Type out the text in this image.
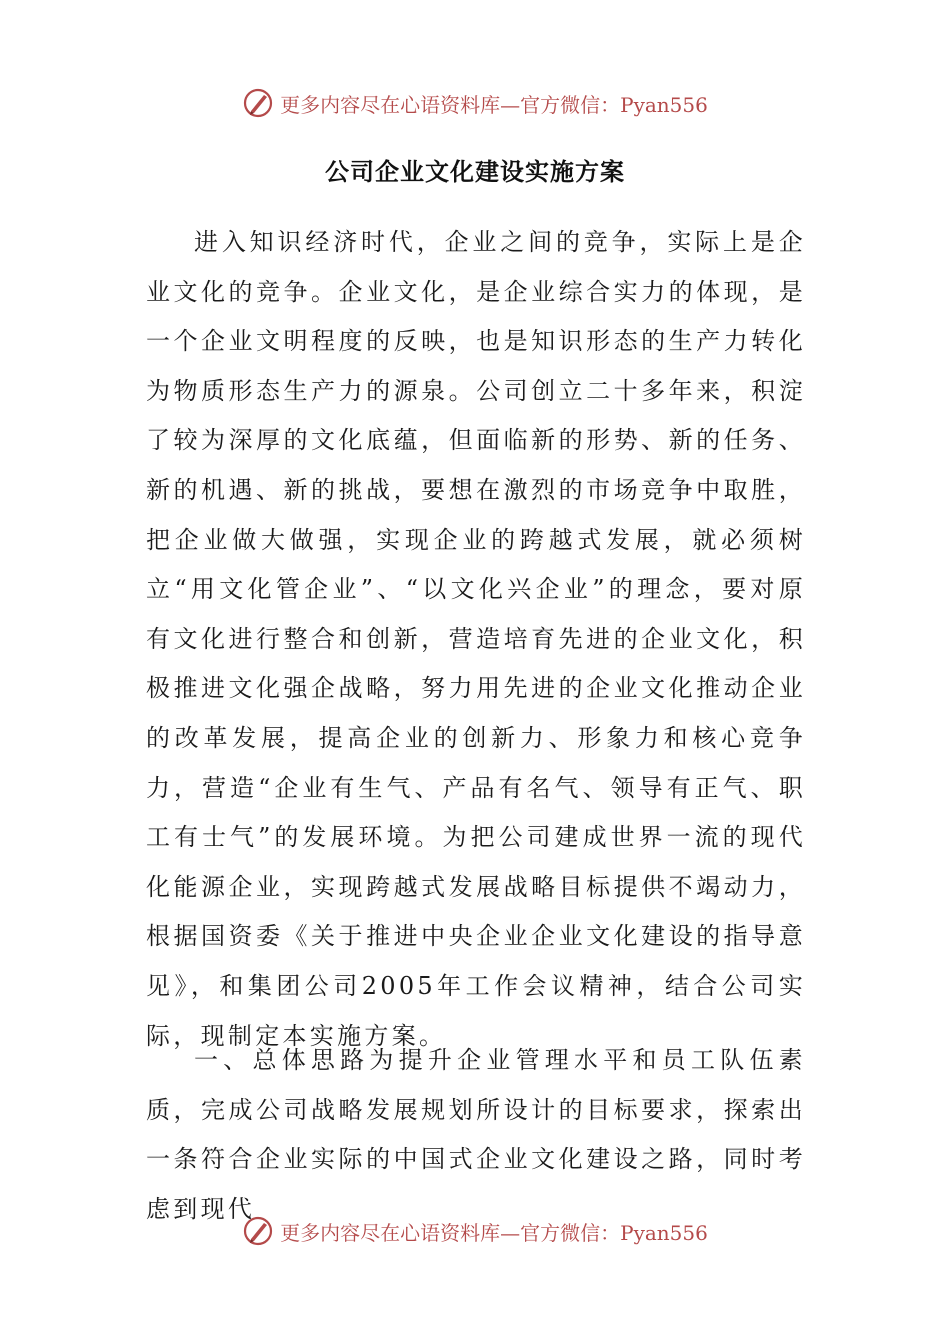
更多内容尽在心语资料库—官方微信：Pyan556
公司企业文化建设实施方案

进入知识经济时代，企业之间的竞争，实际上是企业文化的竞争。企业文化，是企业综合实力的体现，是一个企业文明程度的反映，也是知识形态的生产力转化为物质形态生产力的源泉。公司创立二十多年来，积淀了较为深厚的文化底蕴，但面临新的形势、新的任务、新的机遇、新的挑战，要想在激烈的市场竞争中取胜，把企业做大做强，实现企业的跨越式发展，就必须树立“用文化管企业”、“以文化兴企业”的理念，要对原有文化进行整合和创新，营造培育先进的企业文化，积极推进文化强企战略，努力用先进的企业文化推动企业的改革发展，提高企业的创新力、形象力和核心竞争力，营造“企业有生气、产品有名气、领导有正气、职工有士气”的发展环境。为把公司建成世界一流的现代化能源企业，实现跨越式发展战略目标提供不竭动力，根据国资委《关于推进中央企业企业文化建设的指导意见》，和集团公司2005年工作会议精神，结合公司实际，现制定本实施方案。

一、总体思路为提升企业管理水平和员工队伍素质，完成公司战略发展规划所设计的目标要求，探索出一条符合企业实际的中国式企业文化建设之路，同时考虑到现代

更多内容尽在心语资料库—官方微信：Pyan556
